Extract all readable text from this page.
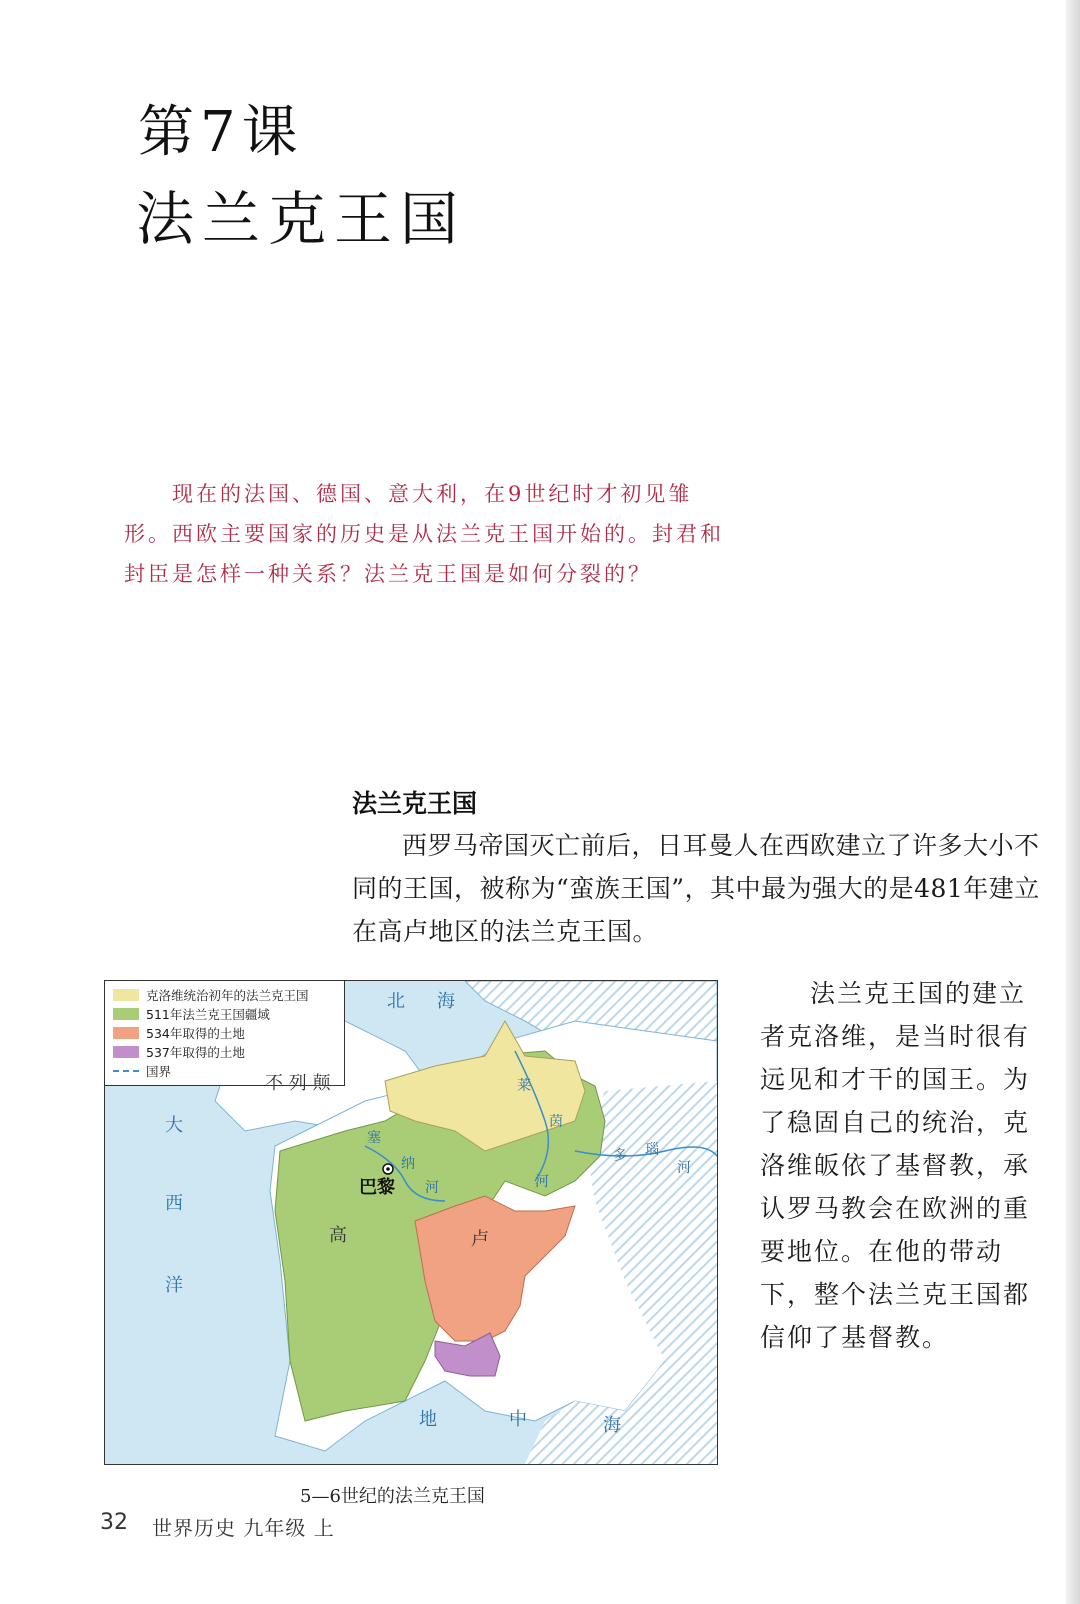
第7课
法兰克王国

现在的法国、德国、意大利，在9世纪时才初见雏形。西欧主要国家的历史是从法兰克王国开始的。封君和封臣是怎样一种关系？法兰克王国是如何分裂的？

法兰克王国

西罗马帝国灭亡前后，日耳曼人在西欧建立了许多大小不同的王国，被称为“蛮族王国”，其中最为强大的是481年建立在高卢地区的法兰克王国。

法兰克王国的建立者克洛维，是当时很有远见和才干的国王。为了稳固自己的统治，克洛维皈依了基督教，承认罗马教会在欧洲的重要地位。在他的带动下，整个法兰克王国都信仰了基督教。

克洛维统治初年的法兰克王国
511年法兰克王国疆域
534年取得的土地
537年取得的土地
国界
北 海
不 列 颠
大
西
洋
巴黎
高	卢
塞
纳
河
莱
茵
河
多 瑙
河
地	中	海
5—6世纪的法兰克王国
32 世界历史 九年级 上
